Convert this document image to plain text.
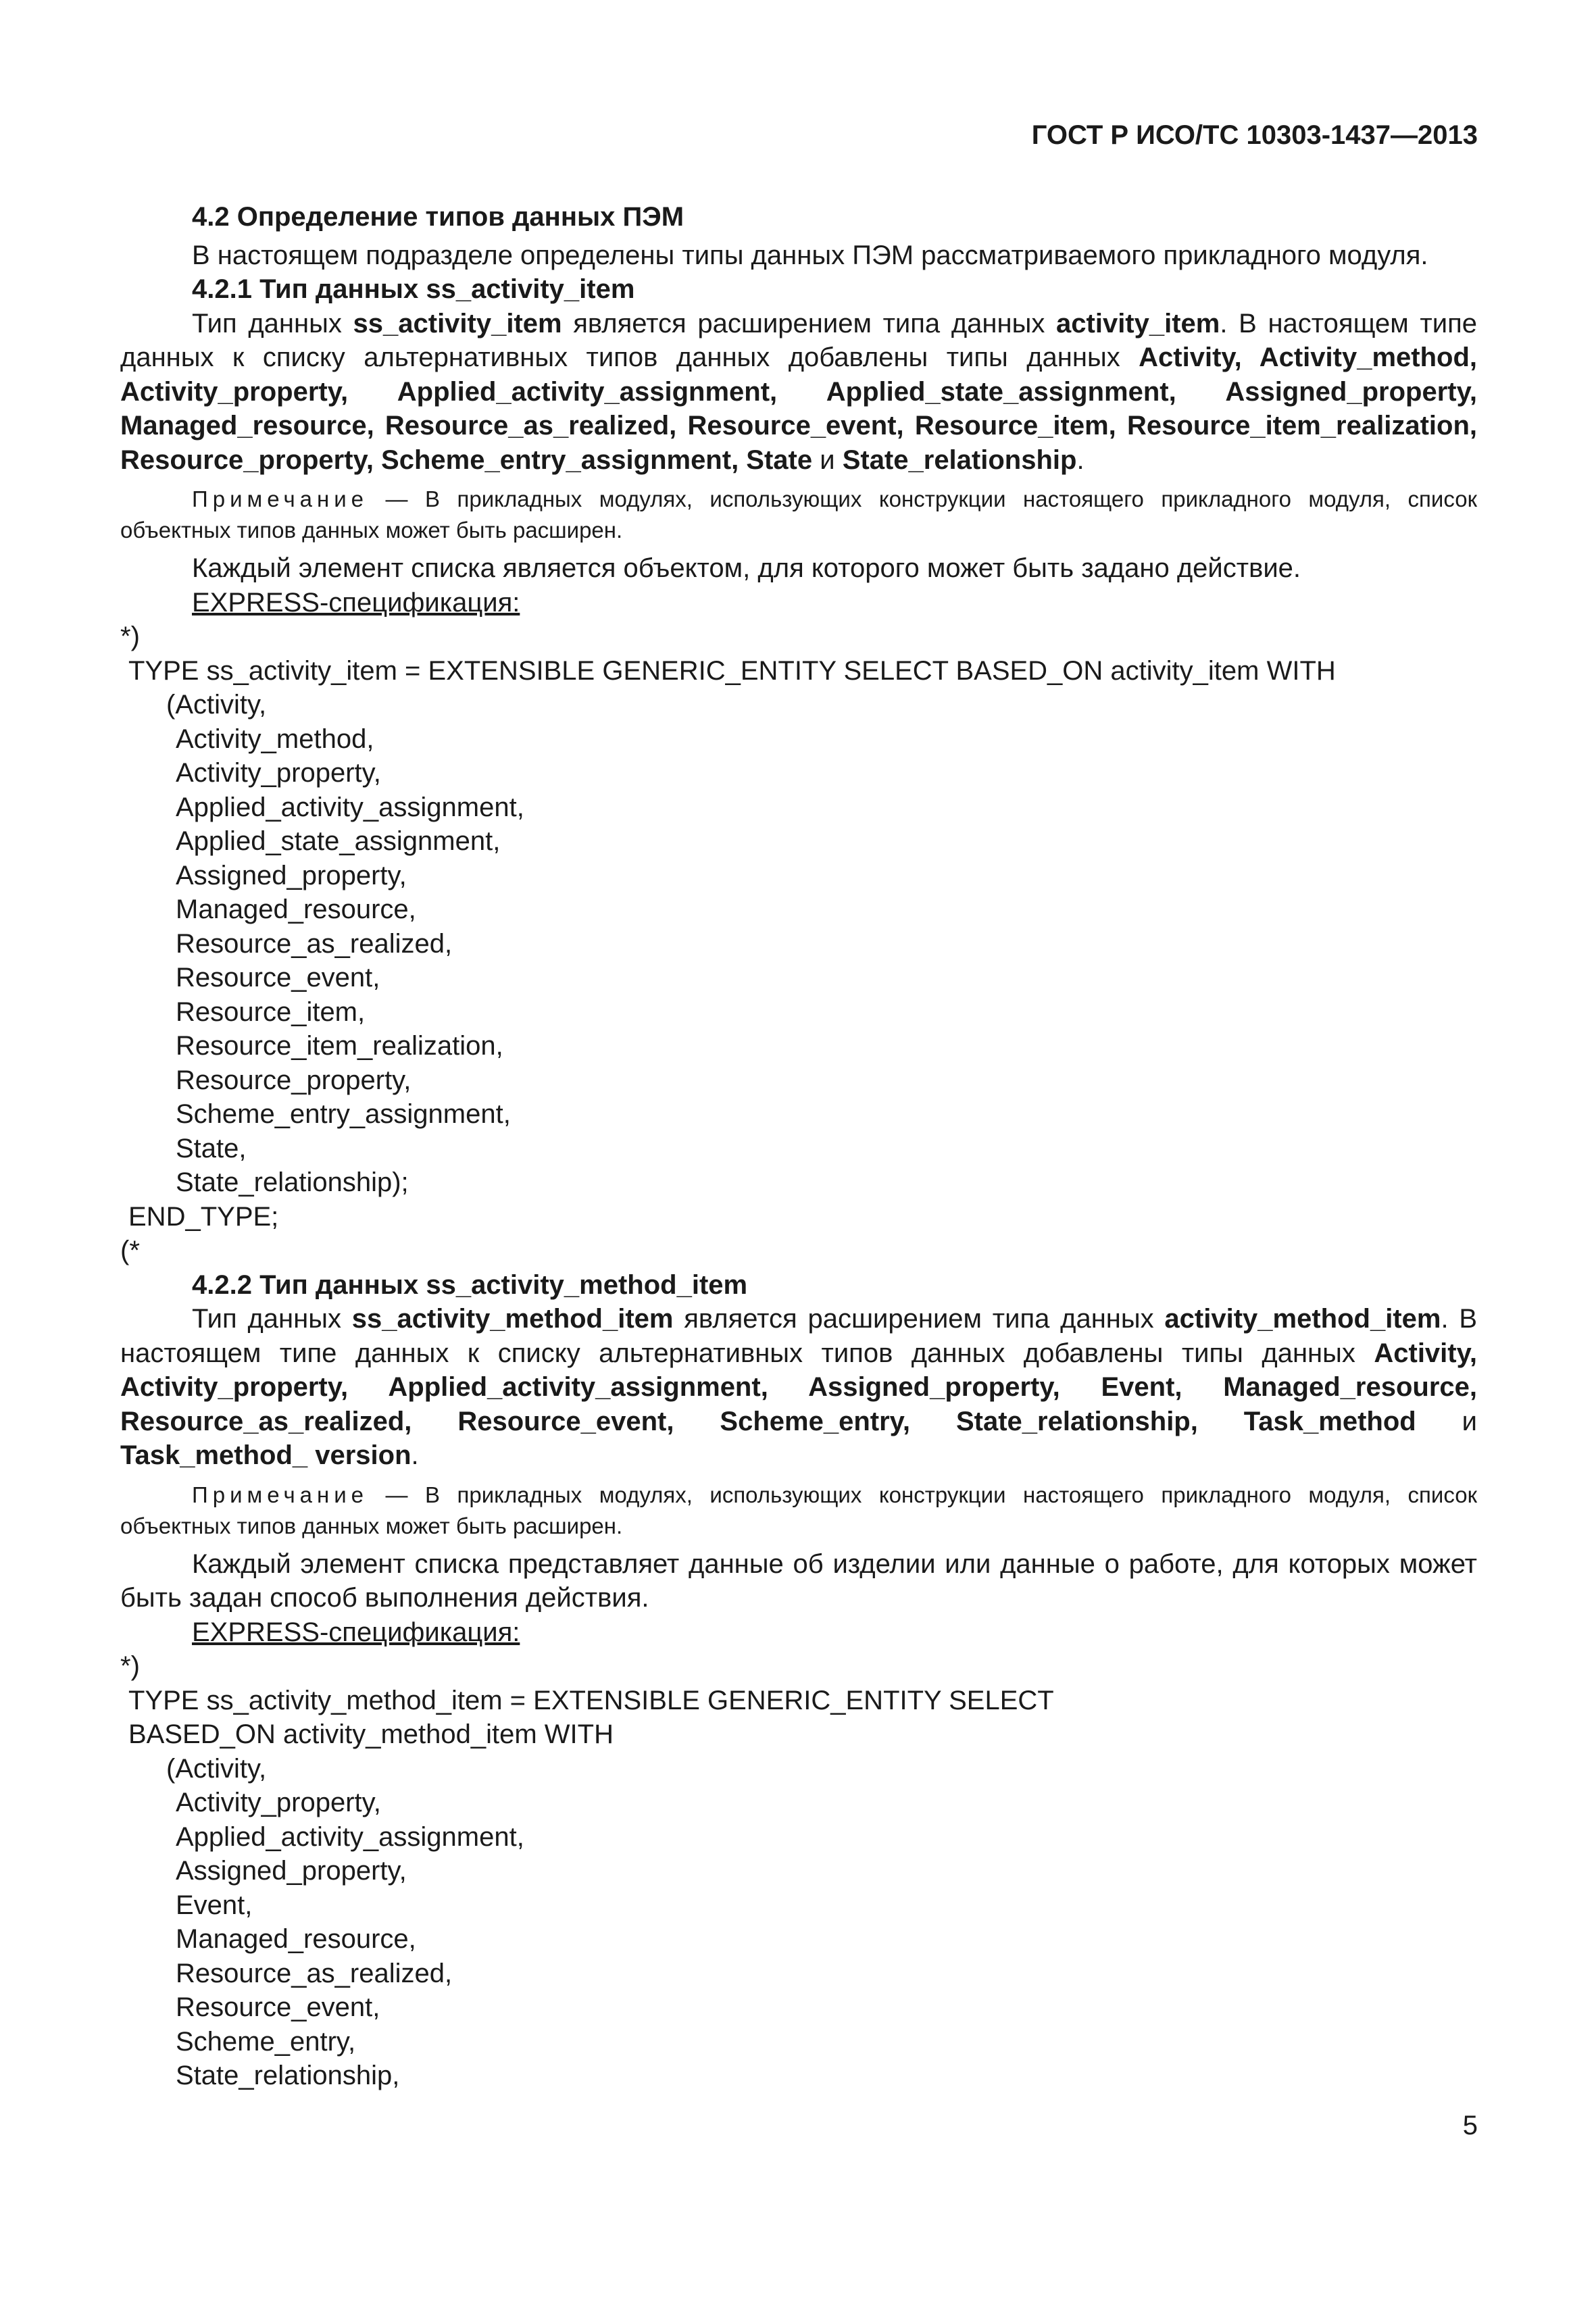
ГОСТ Р ИСО/ТС 10303-1437—2013

4.2 Определение типов данных ПЭМ

В настоящем подразделе определены типы данных ПЭМ рассматриваемого прикладного модуля.

4.2.1 Тип данных ss_activity_item

Тип данных ss_activity_item является расширением типа данных activity_item. В настоящем типе данных к списку альтернативных типов данных добавлены типы данных Activity, Activity_method, Activity_property, Applied_activity_assignment, Applied_state_assignment, Assigned_property, Managed_resource, Resource_as_realized, Resource_event, Resource_item, Resource_item_realization, Resource_property, Scheme_entry_assignment, State и State_relationship.

Примечание — В прикладных модулях, использующих конструкции настоящего прикладного модуля, список объектных типов данных может быть расширен.

Каждый элемент списка является объектом, для которого может быть задано действие.

EXPRESS-спецификация:

*)
TYPE ss_activity_item = EXTENSIBLE GENERIC_ENTITY SELECT BASED_ON activity_item WITH
(Activity,
Activity_method,
Activity_property,
Applied_activity_assignment,
Applied_state_assignment,
Assigned_property,
Managed_resource,
Resource_as_realized,
Resource_event,
Resource_item,
Resource_item_realization,
Resource_property,
Scheme_entry_assignment,
State,
State_relationship);
END_TYPE;
(*

4.2.2 Тип данных ss_activity_method_item

Тип данных ss_activity_method_item является расширением типа данных activity_method_item. В настоящем типе данных к списку альтернативных типов данных добавлены типы данных Activity, Activity_property, Applied_activity_assignment, Assigned_property, Event, Managed_resource, Resource_as_realized, Resource_event, Scheme_entry, State_relationship, Task_method и Task_method_ version.

Примечание — В прикладных модулях, использующих конструкции настоящего прикладного модуля, список объектных типов данных может быть расширен.

Каждый элемент списка представляет данные об изделии или данные о работе, для которых может быть задан способ выполнения действия.

EXPRESS-спецификация:

*)
TYPE ss_activity_method_item = EXTENSIBLE GENERIC_ENTITY SELECT
BASED_ON activity_method_item WITH
(Activity,
Activity_property,
Applied_activity_assignment,
Assigned_property,
Event,
Managed_resource,
Resource_as_realized,
Resource_event,
Scheme_entry,
State_relationship,
5
